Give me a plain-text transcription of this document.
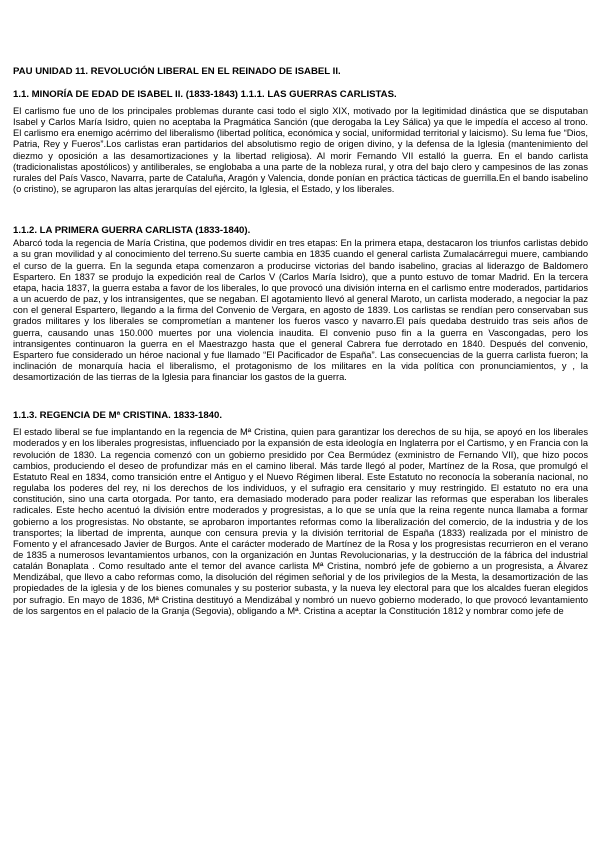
PAU UNIDAD 11. REVOLUCIÓN LIBERAL EN EL REINADO DE ISABEL II.
1.1. MINORÍA DE EDAD DE ISABEL II. (1833-1843) 1.1.1. LAS GUERRAS CARLISTAS.

El carlismo fue uno de los principales problemas durante casi todo el siglo XIX, motivado por la legitimidad dinástica que se disputaban Isabel y Carlos María Isidro, quien no aceptaba la Pragmática Sanción (que derogaba la Ley Sálica) ya que le impedía el acceso al trono. El carlismo era enemigo acérrimo del liberalismo (libertad política, económica y social, uniformidad territorial y laicismo). Su lema fue “Dios, Patria, Rey y Fueros”.Los carlistas eran partidarios del absolutismo regio de origen divino, y la defensa de la Iglesia (mantenimiento del diezmo y oposición a las desamortizaciones y la libertad religiosa). Al morir Fernando VII estalló la guerra. En el bando carlista (tradicionalistas apostólicos) y antiliberales, se englobaba a una parte de la nobleza rural, y otra del bajo clero y campesinos de las zonas rurales del País Vasco, Navarra, parte de Cataluña, Aragón y Valencia, donde ponían en práctica tácticas de guerrilla.En el bando isabelino (o cristino), se agruparon las altas jerarquías del ejército, la Iglesia, el Estado, y los liberales.

1.1.2. LA PRIMERA GUERRA CARLISTA (1833-1840).

Abarcó toda la regencia de María Cristina, que podemos dividir en tres etapas: En la primera etapa, destacaron los triunfos carlistas debido a su gran movilidad y al conocimiento del terreno.Su suerte cambia en 1835 cuando el general carlista Zumalacárregui muere, cambiando el curso de la guerra. En la segunda etapa comenzaron a producirse victorias del bando isabelino, gracias al liderazgo de Baldomero Espartero. En 1837 se produjo la expedición real de Carlos V (Carlos María Isidro), que a punto estuvo de tomar Madrid. En la tercera etapa, hacia 1837, la guerra estaba a favor de los liberales, lo que provocó una división interna en el carlismo entre moderados, partidarios a un acuerdo de paz, y los intransigentes, que se negaban. El agotamiento llevó al general Maroto, un carlista moderado, a negociar la paz con el general Espartero, llegando a la firma del Convenio de Vergara, en agosto de 1839. Los carlistas se rendían pero conservaban sus grados militares y los liberales se comprometían a mantener los fueros vasco y navarro.El país quedaba destruido tras seis años de guerra, causando unas 150.000 muertes por una violencia inaudita. El convenio puso fin a la guerra en Vascongadas, pero los intransigentes continuaron la guerra en el Maestrazgo hasta que el general Cabrera fue derrotado en 1840. Después del convenio, Espartero fue considerado un héroe nacional y fue llamado “El Pacificador de España”. Las consecuencias de la guerra carlista fueron; la inclinación de monarquía hacia el liberalismo, el protagonismo de los militares en la vida política con pronunciamientos, y , la desamortización de las tierras de la Iglesia para financiar los gastos de la guerra.

1.1.3. REGENCIA DE Mª CRISTINA. 1833-1840.

El estado liberal se fue implantando en la regencia de Mª Cristina, quien para garantizar los derechos de su hija, se apoyó en los liberales moderados y en los liberales progresistas, influenciado por la expansión de esta ideología en Inglaterra por el Cartismo, y en Francia con la revolución de 1830. La regencia comenzó con un gobierno presidido por Cea Bermúdez (exministro de Fernando VII), que hizo pocos cambios, produciendo el deseo de profundizar más en el camino liberal. Más tarde llegó al poder, Martínez de la Rosa, que promulgó el Estatuto Real en 1834, como transición entre el Antiguo y el Nuevo Régimen liberal. Este Estatuto no reconocía la soberanía nacional, no regulaba los poderes del rey, ni los derechos de los individuos, y el sufragio era censitario y muy restringido. El estatuto no era una constitución, sino una carta otorgada. Por tanto, era demasiado moderado para poder realizar las reformas que esperaban los liberales radicales. Este hecho acentuó la división entre moderados y progresistas, a lo que se unía que la reina regente nunca llamaba a formar gobierno a los progresistas. No obstante, se aprobaron importantes reformas como la liberalización del comercio, de la industria y de los transportes; la libertad de imprenta, aunque con censura previa y la división territorial de España (1833) realizada por el ministro de Fomento y el afrancesado Javier de Burgos. Ante el carácter moderado de Martínez de la Rosa y los progresistas recurrieron en el verano de 1835 a numerosos levantamientos urbanos, con la organización en Juntas Revolucionarias, y la destrucción de la fábrica del industrial catalán Bonaplata . Como resultado ante el temor del avance carlista Mª Cristina, nombró jefe de gobierno a un progresista, a Álvarez Mendizábal, que llevo a cabo reformas como, la disolución del régimen señorial y de los privilegios de la Mesta, la desamortización de las propiedades de la iglesia y de los bienes comunales y su posterior subasta, y la nueva ley electoral para que los alcaldes fueran elegidos por sufragio. En mayo de 1836, Mª Cristina destituyó a Mendizábal y nombró un nuevo gobierno moderado, lo que provocó levantamiento de los sargentos en el palacio de la Granja (Segovia), obligando a Mª. Cristina a aceptar la Constitución 1812 y nombrar como jefe de
